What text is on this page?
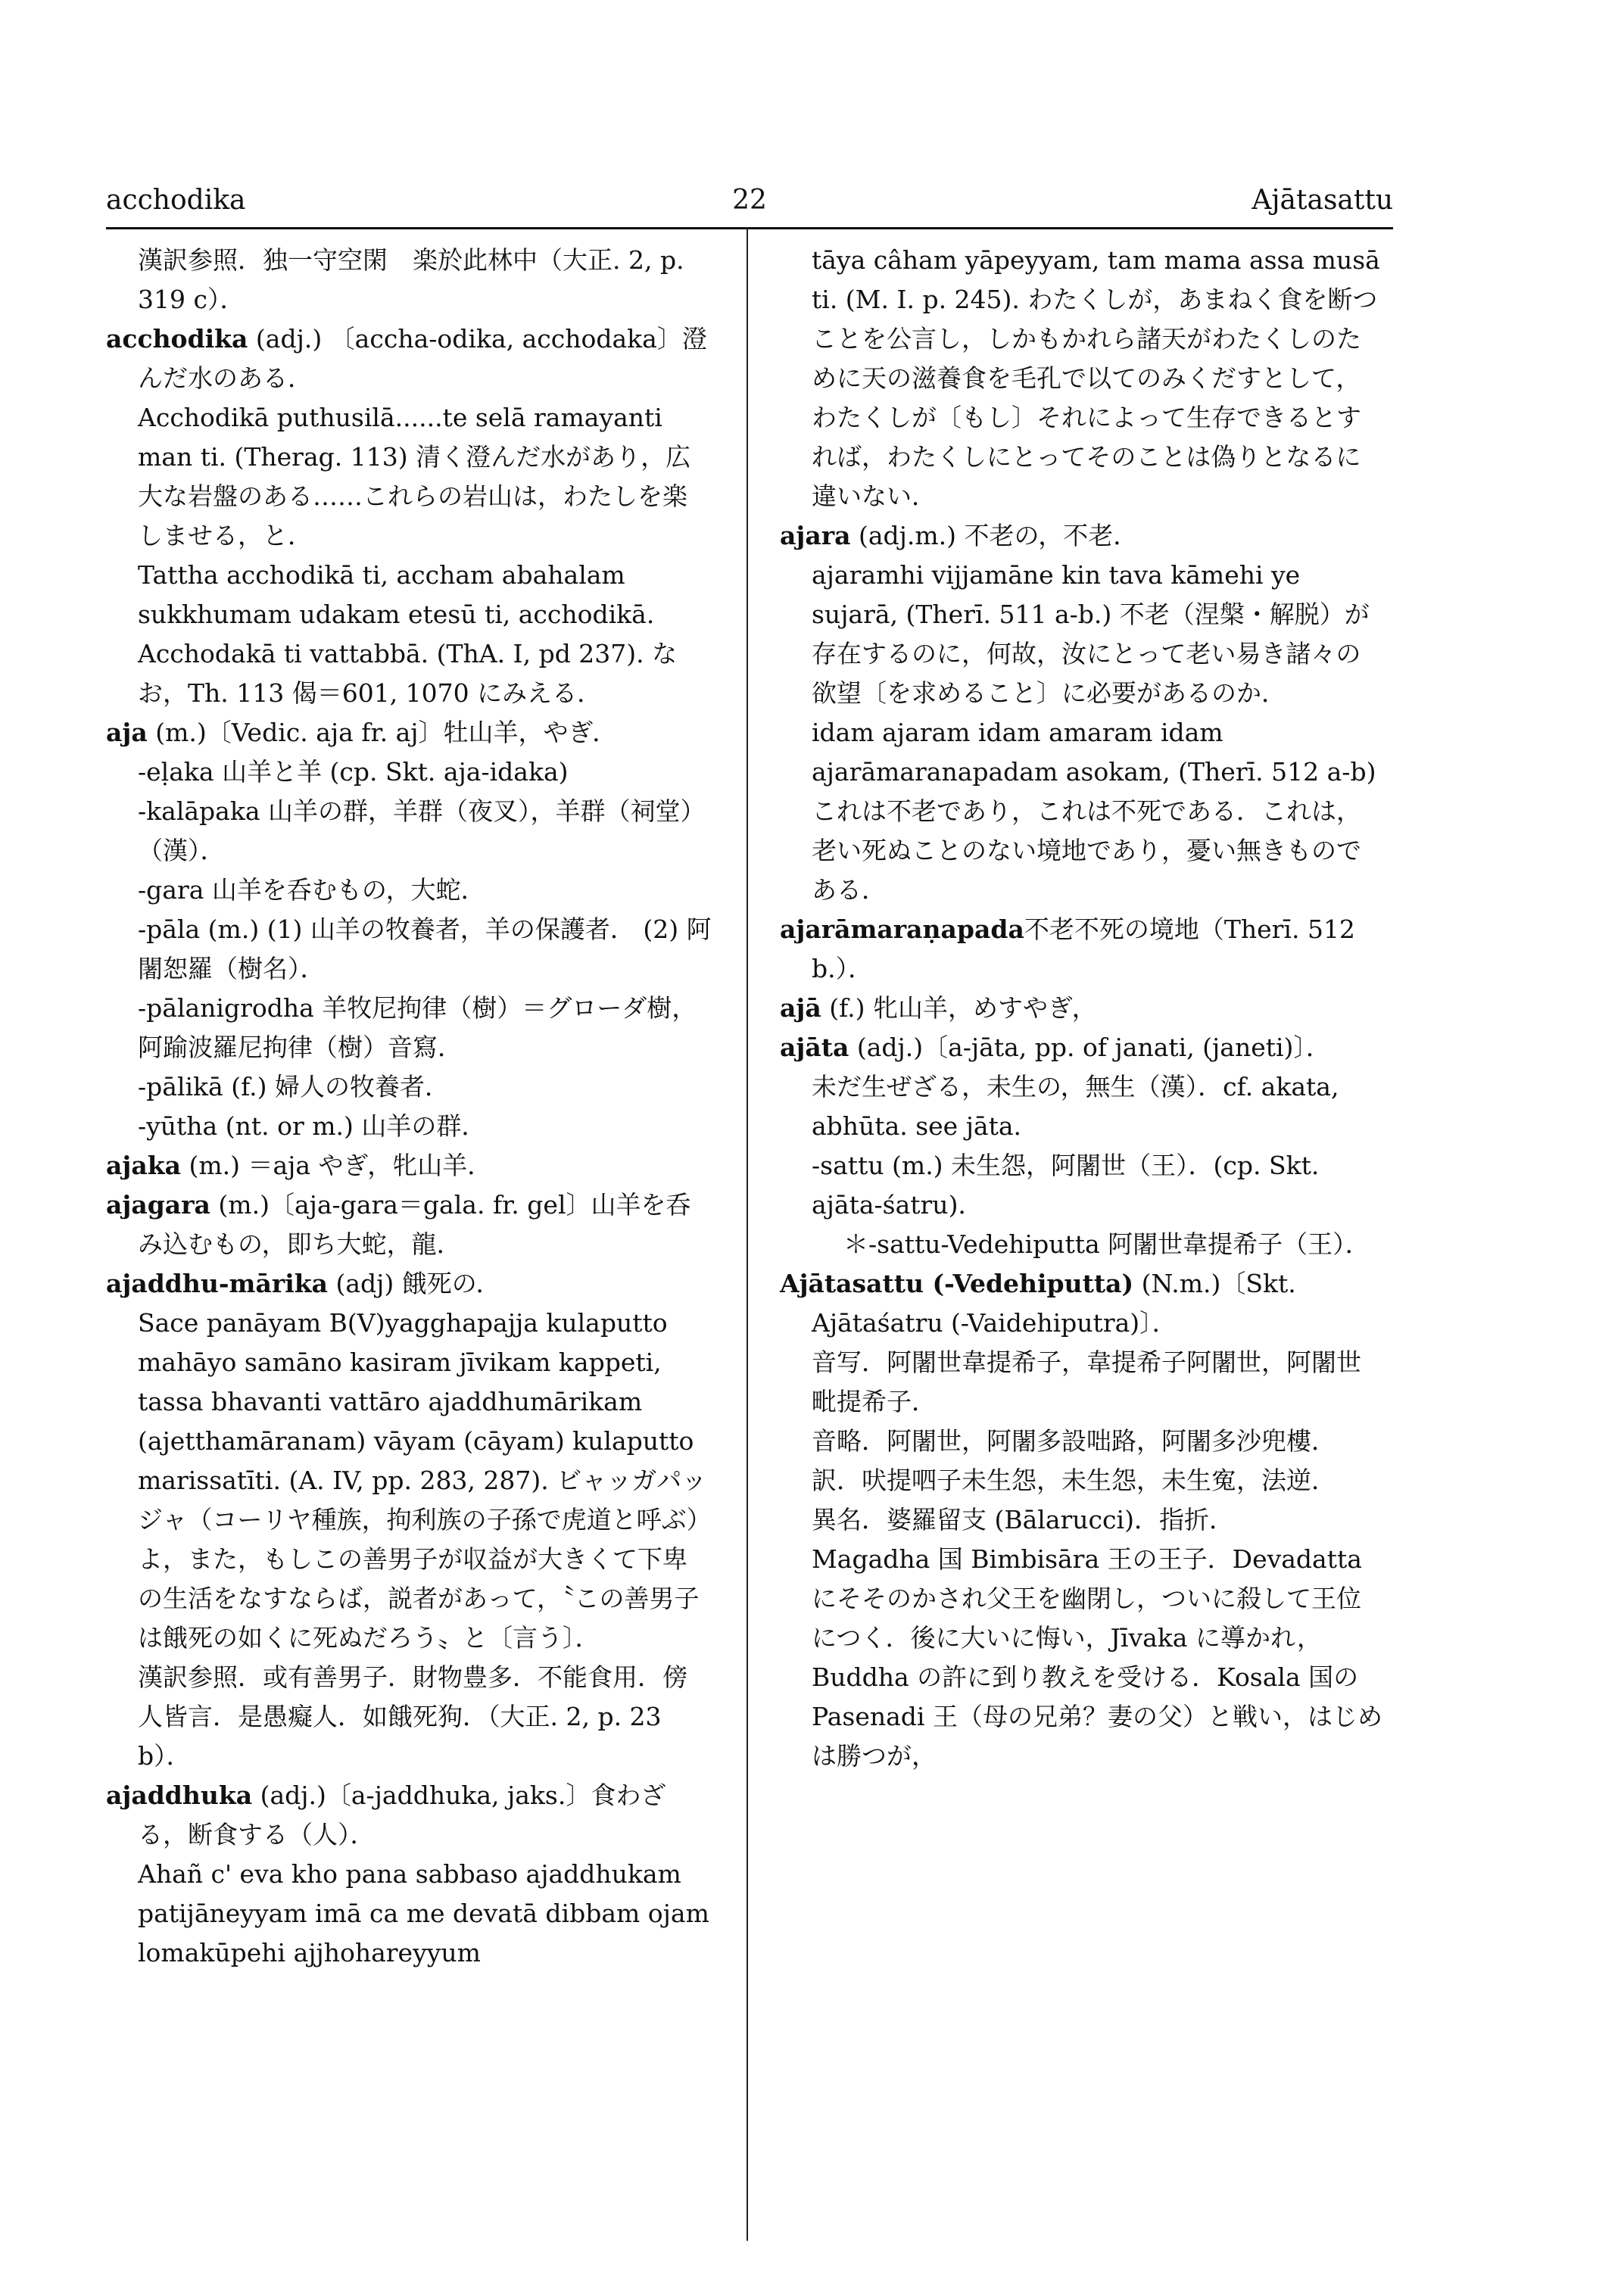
acchodika	22	Ajātasattu
漢訳参照．独一守空閑　楽於此林中（大正. 2, p. 319 c）．
acchodika (adj.) 〔accha-odika, acchodaka〕澄んだ水のある．
Acchodikā puthusilā......te selā ramayanti man ti. (Therag. 113) 清く澄んだ水があり，広大な岩盤のある……これらの岩山は，わたしを楽しませる，と．
Tattha acchodikā ti, accham abahalam sukkhumam udakam etesū ti, acchodikā. Acchodakā ti vattabbā. (ThA. I, pd 237). なお，Th. 113 偈＝601, 1070 にみえる．
aja (m.)〔Vedic. aja fr. aj〕牡山羊，やぎ．
-eḷaka 山羊と羊 (cp. Skt. aja-idaka)
-kalāpaka 山羊の群，羊群（夜叉），羊群（祠堂）（漢）．
-gara 山羊を呑むもの，大蛇．
-pāla (m.) (1) 山羊の牧養者，羊の保護者． (2) 阿闍恕羅（樹名）．
-pālanigrodha 羊牧尼拘律（樹）＝グローダ樹，阿踰波羅尼拘律（樹）音寫．
-pālikā (f.) 婦人の牧養者．
-yūtha (nt. or m.) 山羊の群．
ajaka (m.) ＝aja やぎ，牝山羊．
ajagara (m.)〔aja-gara＝gala. fr. gel〕山羊を呑み込むもの，即ち大蛇，龍．
ajaddhu-mārika (adj) 餓死の．
Sace panāyam B(V)yagghapajja kulaputto mahāyo samāno kasiram jīvikam kappeti, tassa bhavanti vattāro ajaddhumārikam (ajetthamāranam) vāyam (cāyam) kulaputto marissatīti. (A. IV, pp. 283, 287). ビャッガパッジャ（コーリヤ種族，拘利族の子孫で虎道と呼ぶ）よ，また，もしこの善男子が収益が大きくて下卑の生活をなすならば，説者があって，〝この善男子は餓死の如くに死ぬだろう〟と〔言う〕．
漢訳参照．或有善男子．財物豊多．不能食用．傍人皆言．是愚癡人．如餓死狗．（大正. 2, p. 23 b）．
ajaddhuka (adj.)〔a-jaddhuka, jaks.〕食わざる，断食する（人）．
Ahañ c' eva kho pana sabbaso ajaddhukam patijāneyyam imā ca me devatā dibbam ojam lomakūpehi ajjhohareyyum
tāya câham yāpeyyam, tam mama assa musā ti. (M. I. p. 245). わたくしが，あまねく食を断つことを公言し，しかもかれら諸天がわたくしのために天の滋養食を毛孔で以てのみくだすとして，わたくしが〔もし〕それによって生存できるとすれば，わたくしにとってそのことは偽りとなるに違いない．
ajara (adj.m.) 不老の，不老．
ajaramhi vijjamāne kin tava kāmehi ye sujarā, (Therī. 511 a-b.) 不老（涅槃・解脱）が存在するのに，何故，汝にとって老い易き諸々の欲望〔を求めること〕に必要があるのか．
idam ajaram idam amaram idam ajarāmaranapadam asokam, (Therī. 512 a-b) これは不老であり，これは不死である．これは，老い死ぬことのない境地であり，憂い無きものである．
ajarāmaraṇapada不老不死の境地（Therī. 512 b.）．
ajā (f.) 牝山羊，めすやぎ，
ajāta (adj.)〔a-jāta, pp. of janati, (janeti)〕．
未だ生ぜざる，未生の，無生（漢）．cf. akata, abhūta. see jāta.
-sattu (m.) 未生怨，阿闍世（王）．(cp. Skt. ajāta-śatru)．
＊-sattu-Vedehiputta 阿闍世韋提希子（王）．
Ajātasattu (-Vedehiputta) (N.m.)〔Skt. Ajātaśatru (-Vaidehiputra)〕．
音写．阿闍世韋提希子，韋提希子阿闍世，阿闍世毗提希子．
音略．阿闍世，阿闍多設咄路，阿闍多沙兜樓．
訳．吠提呬子未生怨，未生怨，未生寃，法逆．
異名．婆羅留支 (Bālarucci)．指折．
Magadha 国 Bimbisāra 王の王子．Devadatta にそそのかされ父王を幽閉し，ついに殺して王位につく．後に大いに悔い，Jīvaka に導かれ，Buddha の許に到り教えを受ける．Kosala 国の Pasenadi 王（母の兄弟？妻の父）と戦い，はじめは勝つが，
